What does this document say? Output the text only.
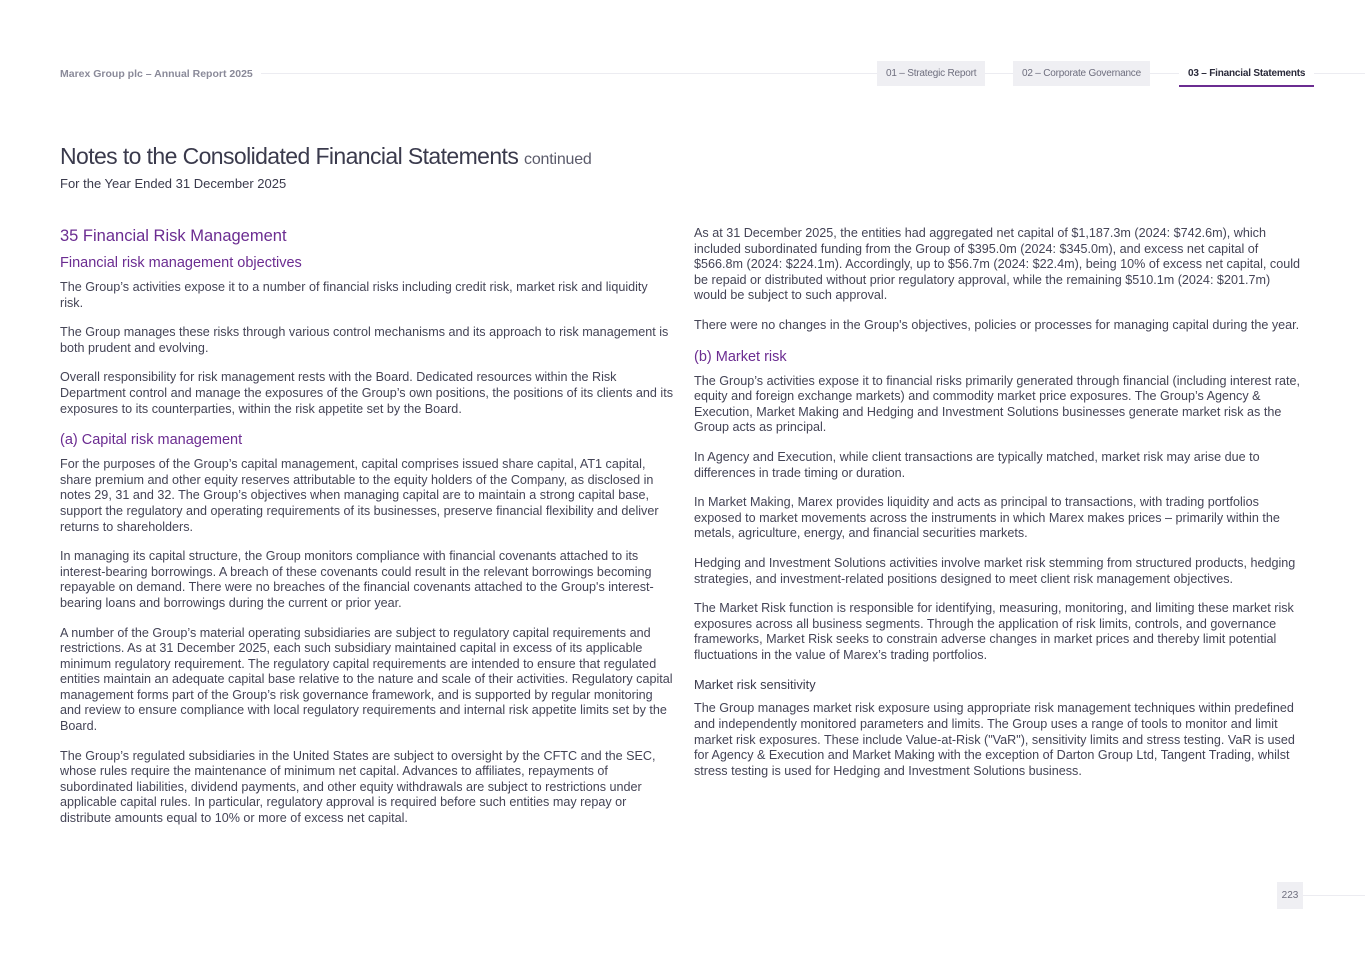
Marex Group plc – Annual Report 2025	01 – Strategic Report	02 – Corporate Governance	03 – Financial Statements
Notes to the Consolidated Financial Statements continued
For the Year Ended 31 December 2025
35 Financial Risk Management
Financial risk management objectives

The Group’s activities expose it to a number of financial risks including credit risk, market risk and liquidity risk.

The Group manages these risks through various control mechanisms and its approach to risk management is both prudent and evolving.

Overall responsibility for risk management rests with the Board. Dedicated resources within the Risk Department control and manage the exposures of the Group’s own positions, the positions of its clients and its exposures to its counterparties, within the risk appetite set by the Board.

(a) Capital risk management

For the purposes of the Group’s capital management, capital comprises issued share capital, AT1 capital, share premium and other equity reserves attributable to the equity holders of the Company, as disclosed in notes 29, 31 and 32. The Group’s objectives when managing capital are to maintain a strong capital base, support the regulatory and operating requirements of its businesses, preserve financial flexibility and deliver returns to shareholders.

In managing its capital structure, the Group monitors compliance with financial covenants attached to its interest-bearing borrowings. A breach of these covenants could result in the relevant borrowings becoming repayable on demand. There were no breaches of the financial covenants attached to the Group's interest-bearing loans and borrowings during the current or prior year.

A number of the Group’s material operating subsidiaries are subject to regulatory capital requirements and restrictions. As at 31 December 2025, each such subsidiary maintained capital in excess of its applicable minimum regulatory requirement. The regulatory capital requirements are intended to ensure that regulated entities maintain an adequate capital base relative to the nature and scale of their activities. Regulatory capital management forms part of the Group’s risk governance framework, and is supported by regular monitoring and review to ensure compliance with local regulatory requirements and internal risk appetite limits set by the Board.

The Group’s regulated subsidiaries in the United States are subject to oversight by the CFTC and the SEC, whose rules require the maintenance of minimum net capital. Advances to affiliates, repayments of subordinated liabilities, dividend payments, and other equity withdrawals are subject to restrictions under applicable capital rules. In particular, regulatory approval is required before such entities may repay or distribute amounts equal to 10% or more of excess net capital.

As at 31 December 2025, the entities had aggregated net capital of $1,187.3m (2024: $742.6m), which included subordinated funding from the Group of $395.0m (2024: $345.0m), and excess net capital of $566.8m (2024: $224.1m). Accordingly, up to $56.7m (2024: $22.4m), being 10% of excess net capital, could be repaid or distributed without prior regulatory approval, while the remaining $510.1m (2024: $201.7m) would be subject to such approval.

There were no changes in the Group's objectives, policies or processes for managing capital during the year.

(b) Market risk

The Group’s activities expose it to financial risks primarily generated through financial (including interest rate, equity and foreign exchange markets) and commodity market price exposures. The Group’s Agency & Execution, Market Making and Hedging and Investment Solutions businesses generate market risk as the Group acts as principal.

In Agency and Execution, while client transactions are typically matched, market risk may arise due to differences in trade timing or duration.

In Market Making, Marex provides liquidity and acts as principal to transactions, with trading portfolios exposed to market movements across the instruments in which Marex makes prices – primarily within the metals, agriculture, energy, and financial securities markets.

Hedging and Investment Solutions activities involve market risk stemming from structured products, hedging strategies, and investment-related positions designed to meet client risk management objectives.

The Market Risk function is responsible for identifying, measuring, monitoring, and limiting these market risk exposures across all business segments. Through the application of risk limits, controls, and governance frameworks, Market Risk seeks to constrain adverse changes in market prices and thereby limit potential fluctuations in the value of Marex’s trading portfolios.

Market risk sensitivity

The Group manages market risk exposure using appropriate risk management techniques within predefined and independently monitored parameters and limits. The Group uses a range of tools to monitor and limit market risk exposures. These include Value-at-Risk ("VaR"), sensitivity limits and stress testing. VaR is used for Agency & Execution and Market Making with the exception of Darton Group Ltd, Tangent Trading, whilst stress testing is used for Hedging and Investment Solutions business.

223
